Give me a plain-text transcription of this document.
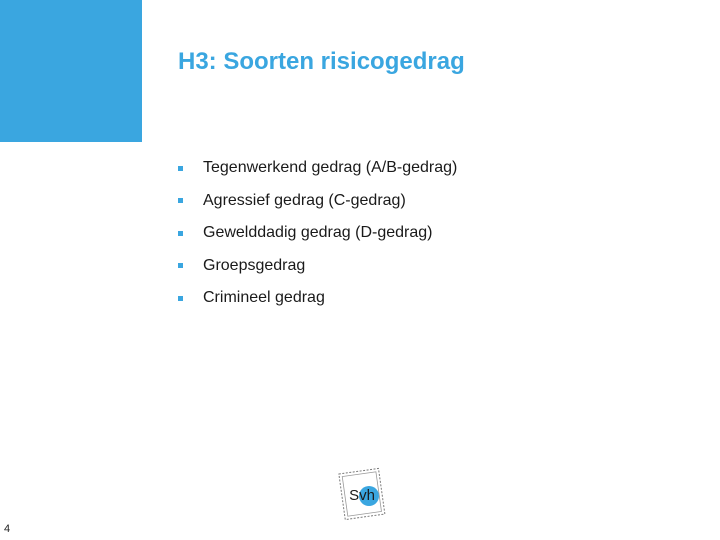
H3: Soorten risicogedrag
Tegenwerkend gedrag (A/B-gedrag)
Agressief gedrag (C-gedrag)
Gewelddadig gedrag (D-gedrag)
Groepsgedrag
Crimineel gedrag
Svh
4
